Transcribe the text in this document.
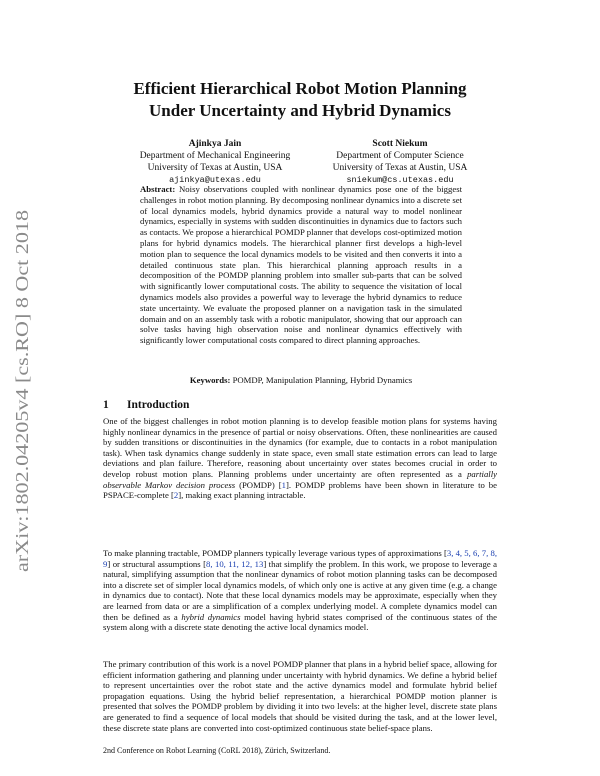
arXiv:1802.04205v4 [cs.RO] 8 Oct 2018
Efficient Hierarchical Robot Motion Planning
Under Uncertainty and Hybrid Dynamics
Ajinkya Jain
Department of Mechanical Engineering
University of Texas at Austin, USA
ajinkya@utexas.edu
Scott Niekum
Department of Computer Science
University of Texas at Austin, USA
sniekum@cs.utexas.edu

Abstract: Noisy observations coupled with nonlinear dynamics pose one of the biggest challenges in robot motion planning. By decomposing nonlinear dynamics into a discrete set of local dynamics models, hybrid dynamics provide a natural way to model nonlinear dynamics, especially in systems with sudden discontinuities in dynamics due to factors such as contacts. We propose a hierarchical POMDP planner that develops cost-optimized motion plans for hybrid dynamics models. The hierarchical planner first develops a high-level motion plan to sequence the local dynamics models to be visited and then converts it into a detailed continuous state plan. This hierarchical planning approach results in a decomposition of the POMDP planning problem into smaller sub-parts that can be solved with significantly lower computational costs. The ability to sequence the visitation of local dynamics models also provides a powerful way to leverage the hybrid dynamics to reduce state uncertainty. We evaluate the proposed planner on a navigation task in the simulated domain and on an assembly task with a robotic manipulator, showing that our approach can solve tasks having high observation noise and nonlinear dynamics effectively with significantly lower computational costs compared to direct planning approaches.

Keywords: POMDP, Manipulation Planning, Hybrid Dynamics

1 Introduction

One of the biggest challenges in robot motion planning is to develop feasible motion plans for systems having highly nonlinear dynamics in the presence of partial or noisy observations. Often, these nonlinearities are caused by sudden transitions or discontinuities in the dynamics (for example, due to contacts in a robot manipulation task). When task dynamics change suddenly in state space, even small state estimation errors can lead to large deviations and plan failure. Therefore, reasoning about uncertainty over states becomes crucial in order to develop robust motion plans. Planning problems under uncertainty are often represented as a partially observable Markov decision process (POMDP) [1]. POMDP problems have been shown in literature to be PSPACE-complete [2], making exact planning intractable.

To make planning tractable, POMDP planners typically leverage various types of approximations [3, 4, 5, 6, 7, 8, 9] or structural assumptions [8, 10, 11, 12, 13] that simplify the problem. In this work, we propose to leverage a natural, simplifying assumption that the nonlinear dynamics of robot motion planning tasks can be decomposed into a discrete set of simpler local dynamics models, of which only one is active at any given time (e.g. a change in dynamics due to contact). Note that these local dynamics models may be approximate, especially when they are learned from data or are a simplification of a complex underlying model. A complete dynamics model can then be defined as a hybrid dynamics model having hybrid states comprised of the continuous states of the system along with a discrete state denoting the active local dynamics model.

The primary contribution of this work is a novel POMDP planner that plans in a hybrid belief space, allowing for efficient information gathering and planning under uncertainty with hybrid dynamics. We define a hybrid belief to represent uncertainties over the robot state and the active dynamics model and formulate hybrid belief propagation equations. Using the hybrid belief representation, a hierarchical POMDP motion planner is presented that solves the POMDP problem by dividing it into two levels: at the higher level, discrete state plans are generated to find a sequence of local models that should be visited during the task, and at the lower level, these discrete state plans are converted into cost-optimized continuous state belief-space plans.

2nd Conference on Robot Learning (CoRL 2018), Zürich, Switzerland.
